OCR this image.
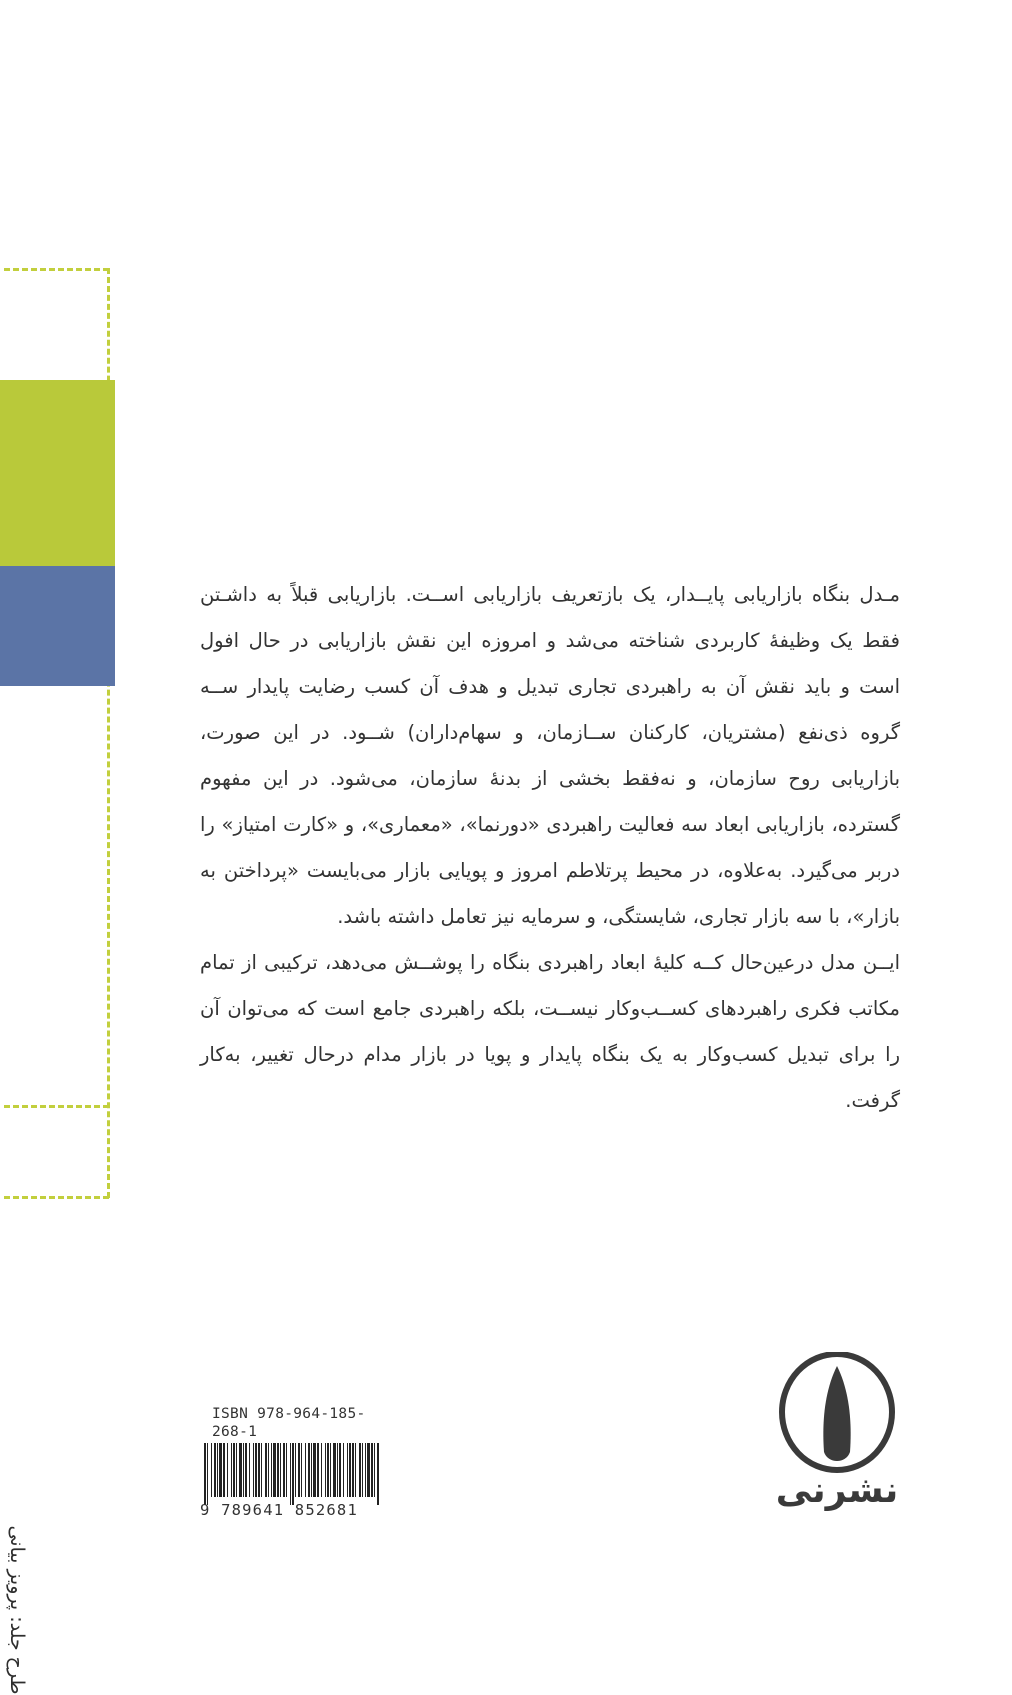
مـدل بنگاه بازاریابی پایــدار، یک بازتعریف بازاریابی اســت. بازاریابی قبلاً به داشـتن فقط یک وظیفهٔ کاربردی شناخته می‌شد و امروزه این نقش بازاریابی در حال افول است و باید نقش آن به راهبردی تجاری تبدیل و هدف آن کسب رضایت پایدار ســه گروه ذی‌نفع (مشتریان، کارکنان ســازمان، و سهام‌داران) شــود. در این صورت، بازاریابی روح سازمان، و نه‌فقط بخشی از بدنهٔ سازمان، می‌شود. در این مفهوم گسترده، بازاریابی ابعاد سه فعالیت راهبردی «دورنما»، «معماری»، و «کارت امتیاز» را دربر می‌گیرد. به‌علاوه، در محیط پرتلاطم امروز و پویایی بازار می‌بایست «پرداختن به بازار»، با سه بازار تجاری، شایستگی، و سرمایه نیز تعامل داشته باشد.

ایــن مدل درعین‌حال کــه کلیهٔ ابعاد راهبردی بنگاه را پوشــش می‌دهد، ترکیبی از تمام مکاتب فکری راهبردهای کســب‌وکار نیســت، بلکه راهبردی جامع است که می‌توان آن را برای تبدیل کسب‌وکار به یک بنگاه پایدار و پویا در بازار مدام درحال تغییر، به‌کار گرفت.

طرح جلد: پرویز بیانی
ISBN 978-964-185-268-1
9 789641 852681	نشرنی
